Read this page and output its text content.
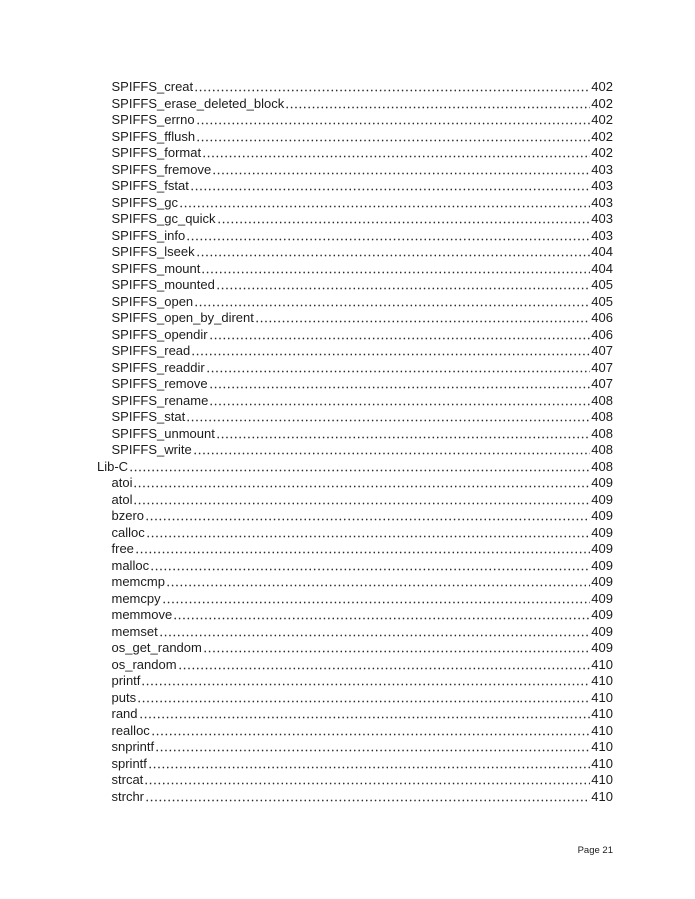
SPIFFS_creat	402
SPIFFS_erase_deleted_block	402
SPIFFS_errno	402
SPIFFS_fflush	402
SPIFFS_format	402
SPIFFS_fremove	403
SPIFFS_fstat	403
SPIFFS_gc	403
SPIFFS_gc_quick	403
SPIFFS_info	403
SPIFFS_lseek	404
SPIFFS_mount	404
SPIFFS_mounted	405
SPIFFS_open	405
SPIFFS_open_by_dirent	406
SPIFFS_opendir	406
SPIFFS_read	407
SPIFFS_readdir	407
SPIFFS_remove	407
SPIFFS_rename	408
SPIFFS_stat	408
SPIFFS_unmount	408
SPIFFS_write	408
Lib-C	408
atoi	409
atol	409
bzero	409
calloc	409
free	409
malloc	409
memcmp	409
memcpy	409
memmove	409
memset	409
os_get_random	409
os_random	410
printf	410
puts	410
rand	410
realloc	410
snprintf	410
sprintf	410
strcat	410
strchr	410
Page 21
